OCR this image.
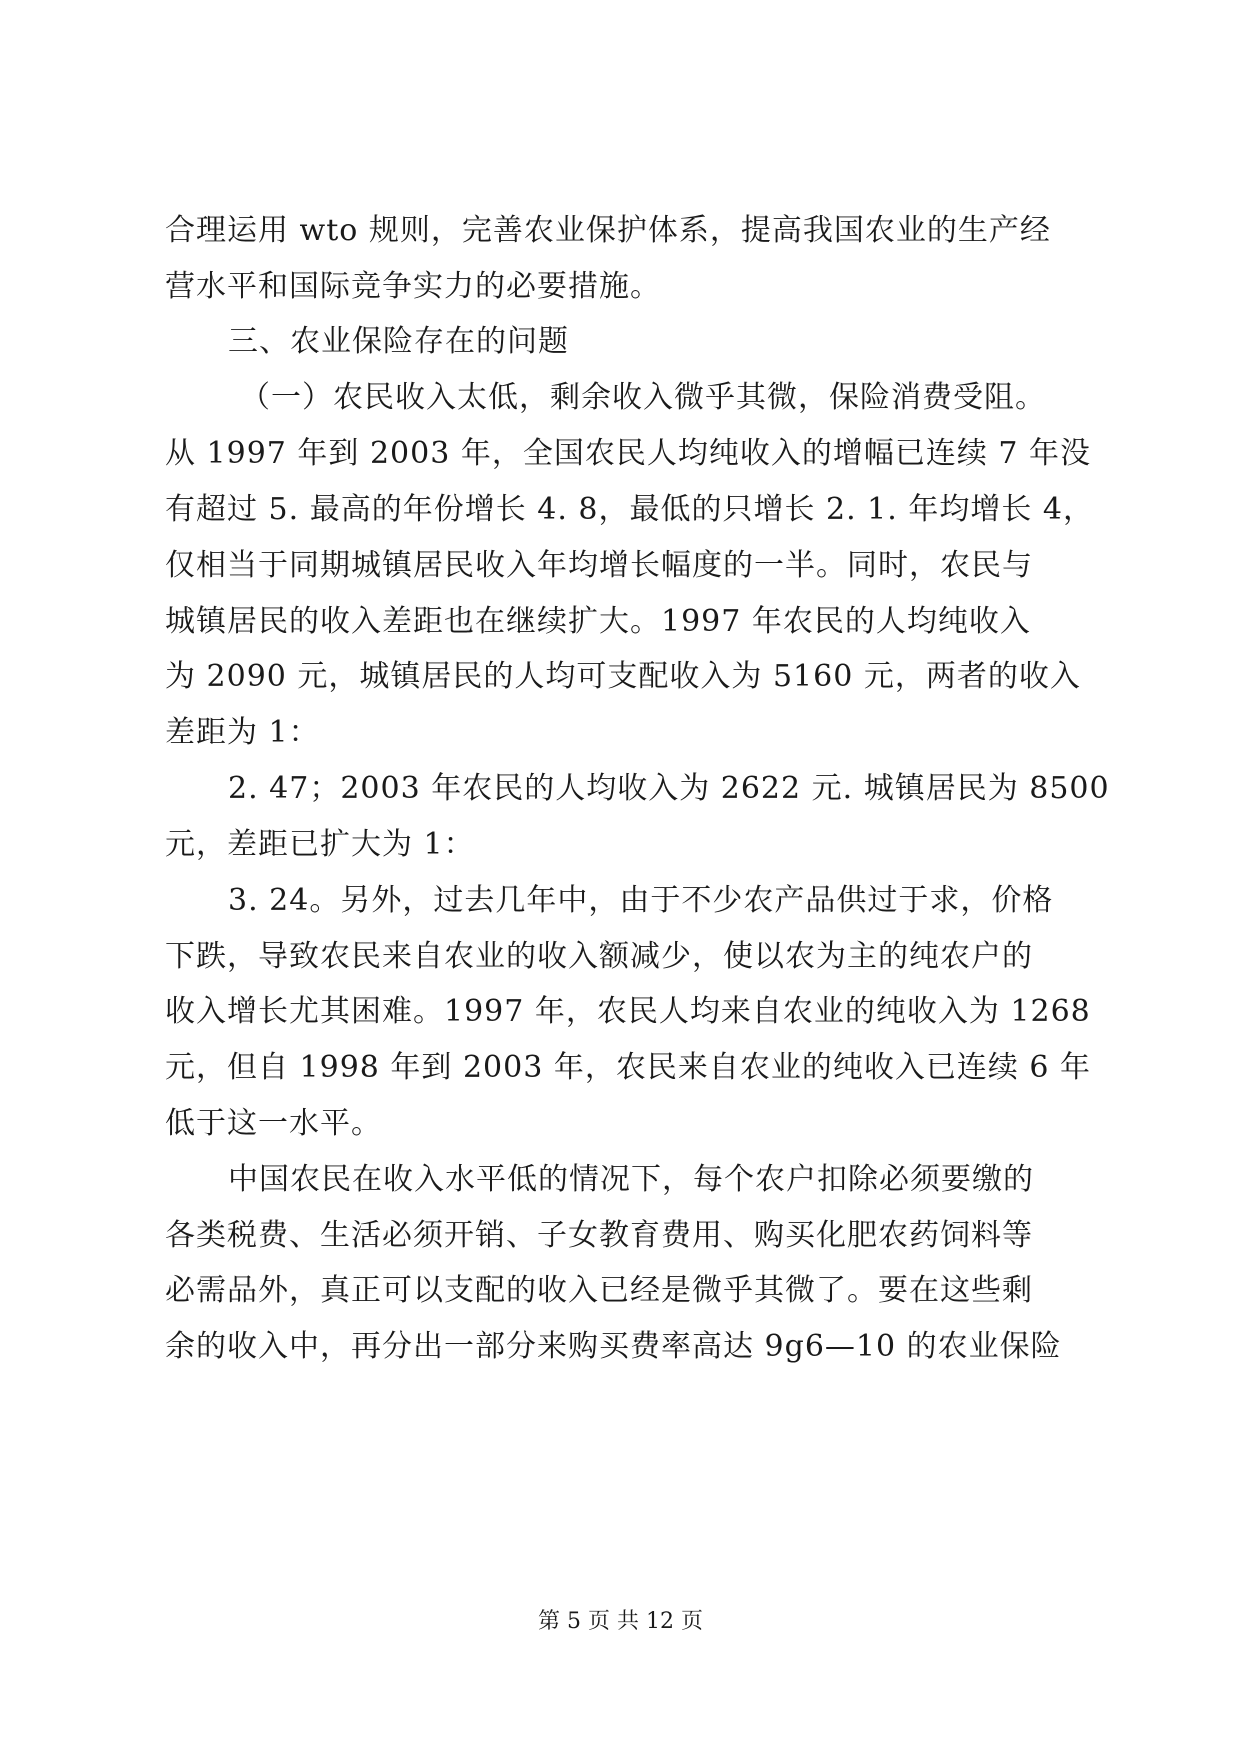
合理运用 wto 规则，完善农业保护体系，提高我国农业的生产经
营水平和国际竞争实力的必要措施。
三、农业保险存在的问题
（一）农民收入太低，剩余收入微乎其微，保险消费受阻。
从 1997 年到 2003 年，全国农民人均纯收入的增幅已连续 7 年没
有超过 5. 最高的年份增长 4. 8，最低的只增长 2. 1. 年均增长 4，
仅相当于同期城镇居民收入年均增长幅度的一半。同时，农民与
城镇居民的收入差距也在继续扩大。1997 年农民的人均纯收入
为 2090 元，城镇居民的人均可支配收入为 5160 元，两者的收入
差距为 1：
2. 47；2003 年农民的人均收入为 2622 元. 城镇居民为 8500
元，差距已扩大为 1：
3. 24。另外，过去几年中，由于不少农产品供过于求，价格
下跌，导致农民来自农业的收入额减少，使以农为主的纯农户的
收入增长尤其困难。1997 年，农民人均来自农业的纯收入为 1268
元，但自 1998 年到 2003 年，农民来自农业的纯收入已连续 6 年
低于这一水平。
中国农民在收入水平低的情况下，每个农户扣除必须要缴的
各类税费、生活必须开销、子女教育费用、购买化肥农药饲料等
必需品外，真正可以支配的收入已经是微乎其微了。要在这些剩
余的收入中，再分出一部分来购买费率高达 9g6—10 的农业保险
第 5 页 共 12 页
